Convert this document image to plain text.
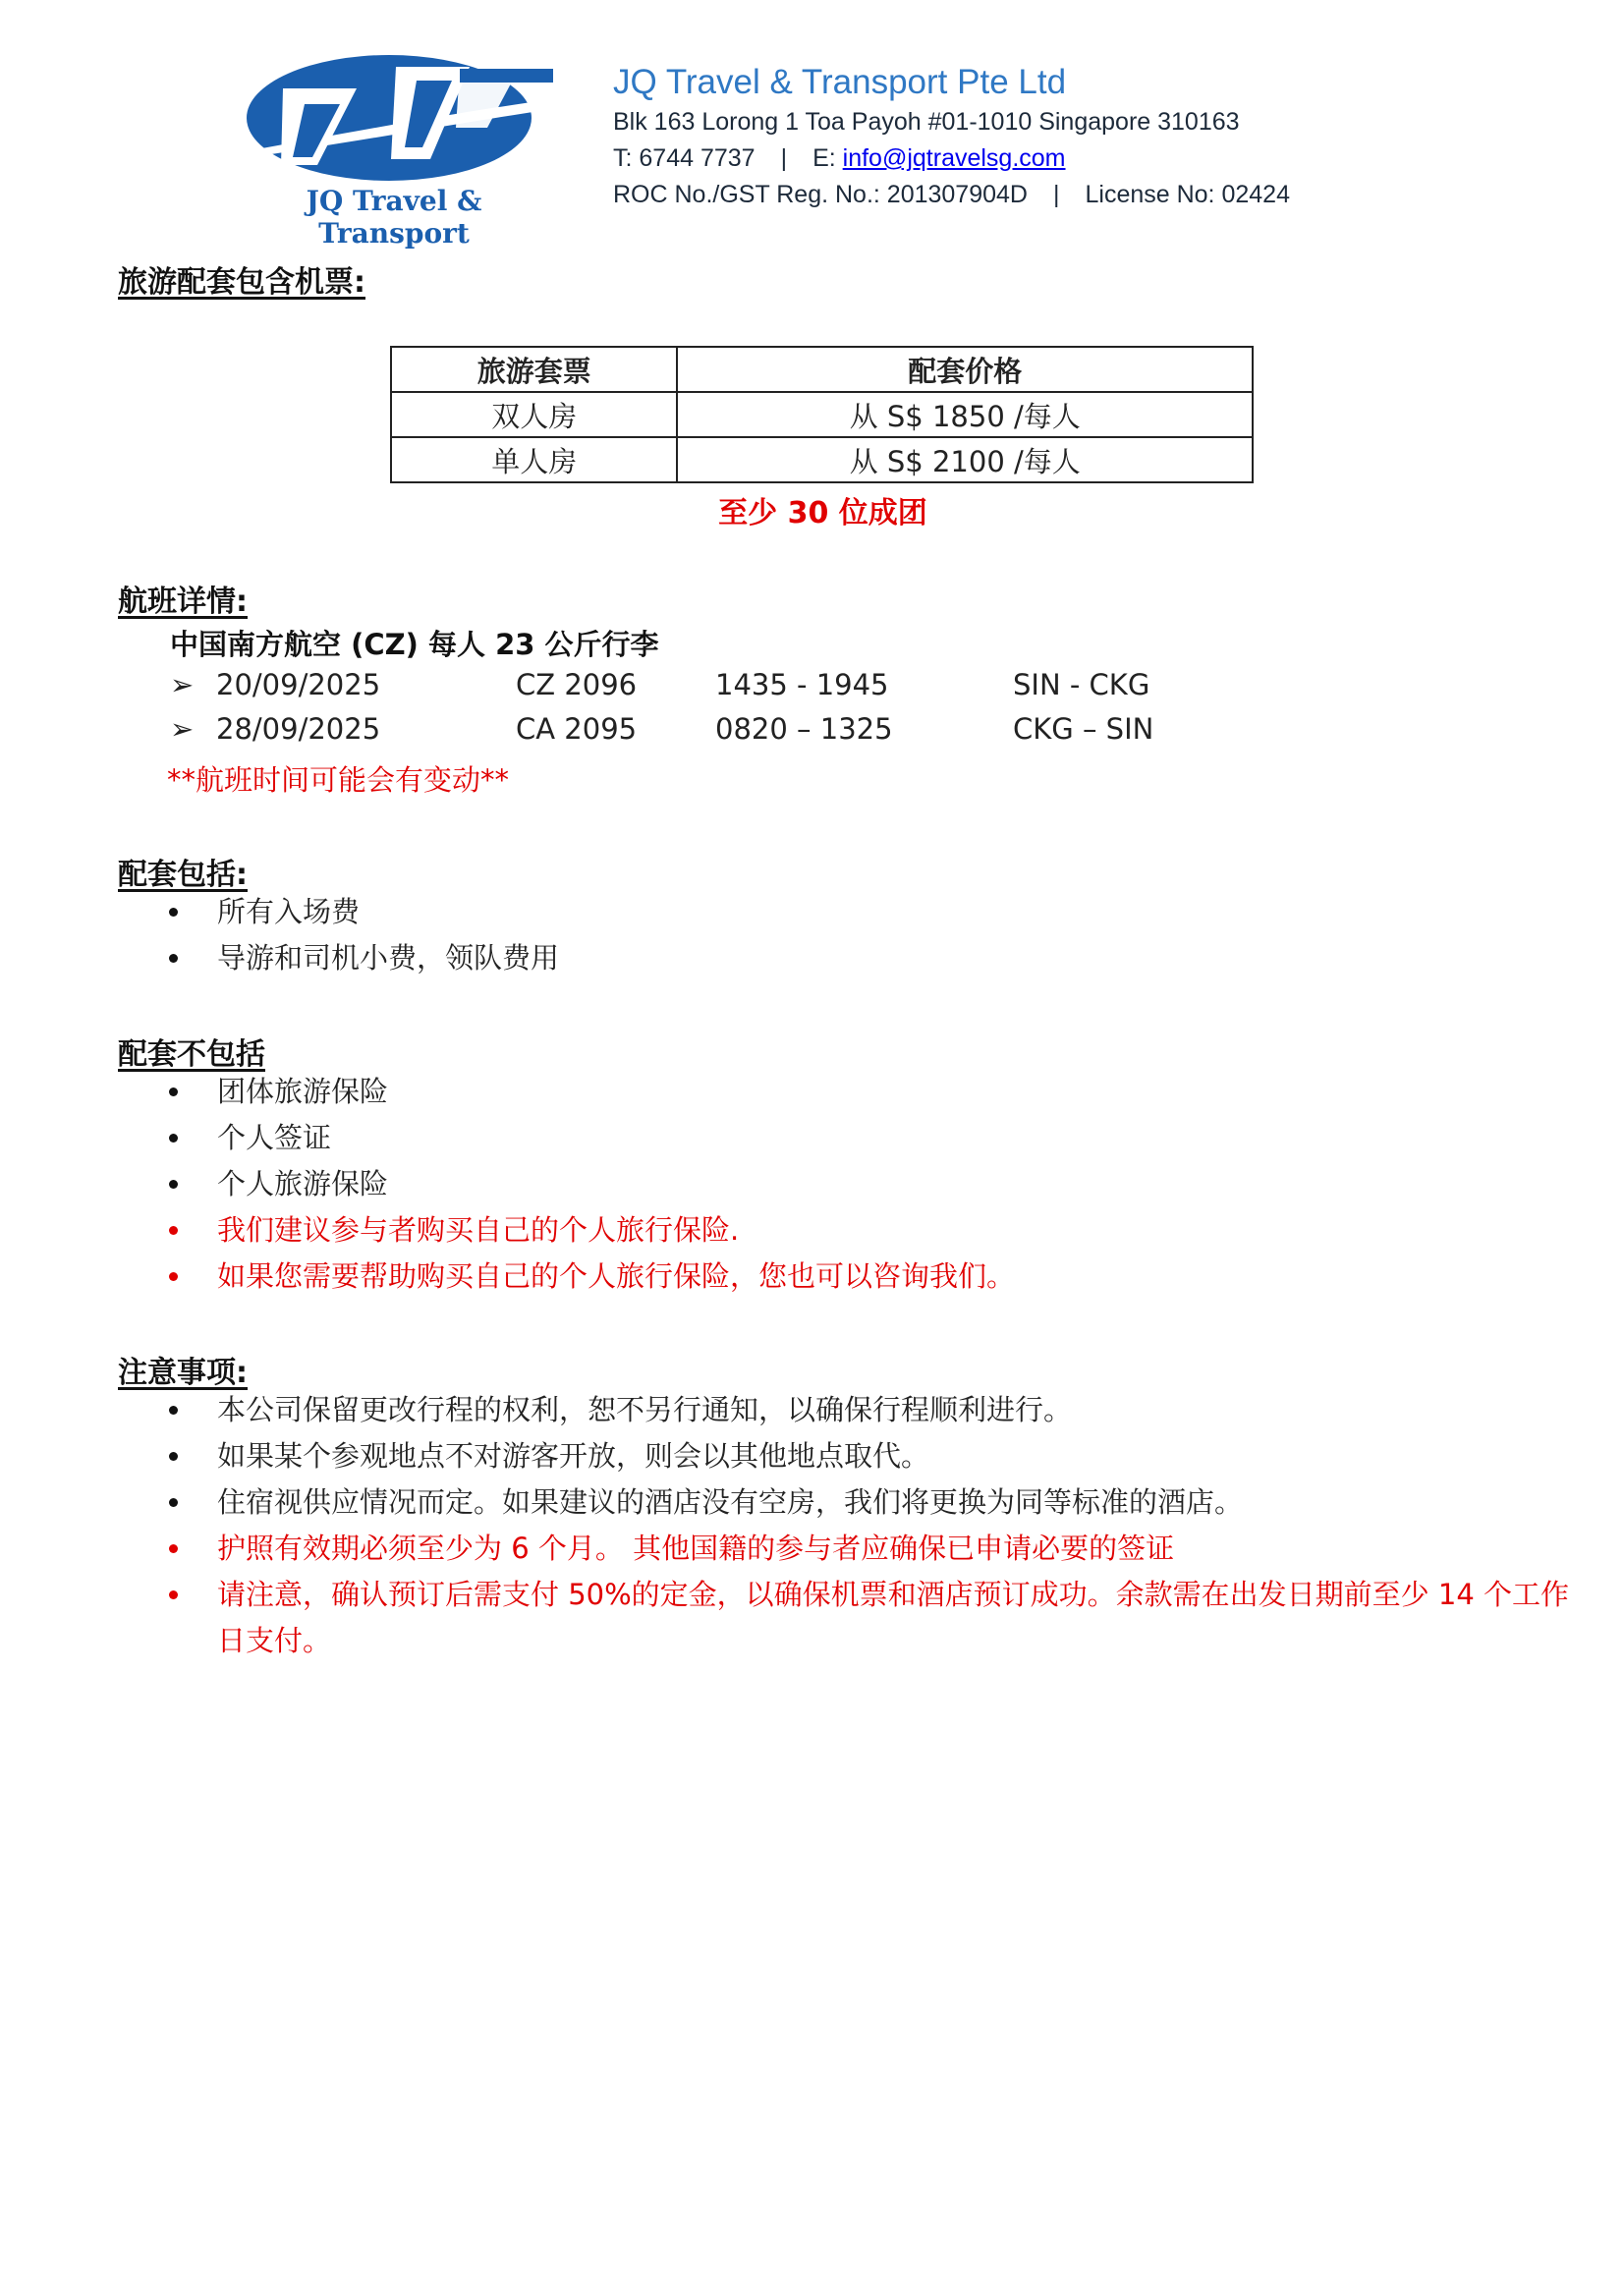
JQ Travel & Transport
JQ Travel & Transport Pte Ltd
Blk 163 Lorong 1 Toa Payoh #01-1010 Singapore 310163
T: 6744 7737 | E: info@jqtravelsg.com
ROC No./GST Reg. No.: 201307904D | License No: 02424
旅游配套包含机票:
旅游套票	配套价格
双人房	从 S$ 1850 /每人
单人房	从 S$ 2100 /每人
至少 30 位成团
航班详情:
中国南方航空 (CZ) 每人 23 公斤行李
➢ 20/09/2025	CZ 2096	1435 - 1945	SIN - CKG
➢ 28/09/2025	CA 2095	0820 – 1325	CKG – SIN
**航班时间可能会有变动**
配套包括:
所有入场费
导游和司机小费，领队费用
配套不包括
团体旅游保险
个人签证
个人旅游保险
我们建议参与者购买自己的个人旅行保险.
如果您需要帮助购买自己的个人旅行保险，您也可以咨询我们。
注意事项:
本公司保留更改行程的权利，恕不另行通知，以确保行程顺利进行。
如果某个参观地点不对游客开放，则会以其他地点取代。
住宿视供应情况而定。如果建议的酒店没有空房，我们将更换为同等标准的酒店。
护照有效期必须至少为 6 个月。 其他国籍的参与者应确保已申请必要的签证
请注意，确认预订后需支付 50%的定金，以确保机票和酒店预订成功。余款需在出发日期前至少 14 个工作日支付。
